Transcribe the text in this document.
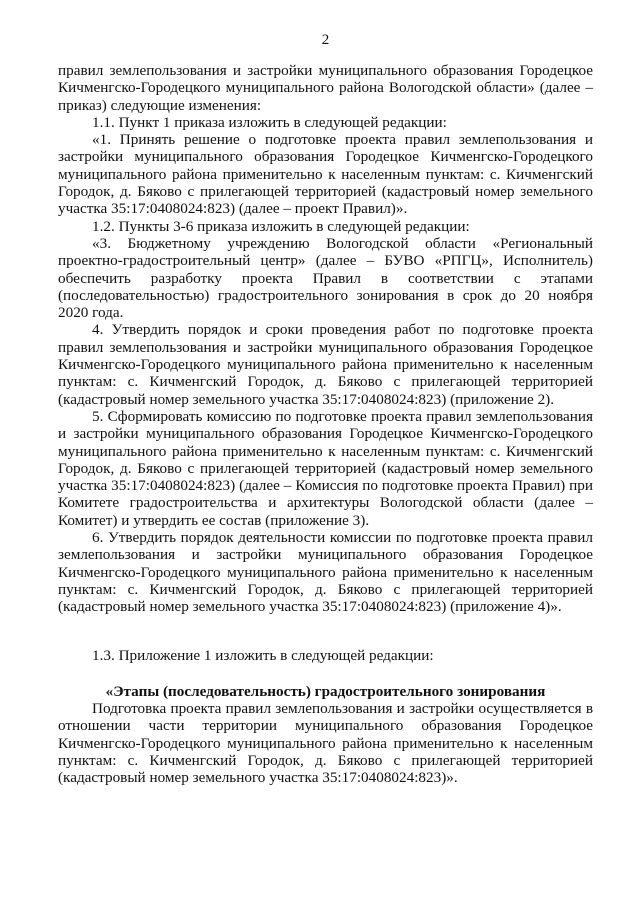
2

правил землепользования и застройки муниципального образования Городецкое Кичменгско-Городецкого муниципального района Вологодской области» (далее – приказ) следующие изменения:

1.1. Пункт 1 приказа изложить в следующей редакции:

«1. Принять решение о подготовке проекта правил землепользования и застройки муниципального образования Городецкое Кичменгско-Городецкого муниципального района применительно к населенным пунктам: с. Кичменгский Городок, д. Бяково с прилегающей территорией (кадастровый номер земельного участка 35:17:0408024:823) (далее – проект Правил)».

1.2. Пункты 3-6 приказа изложить в следующей редакции:

«3. Бюджетному учреждению Вологодской области «Региональный проектно-градостроительный центр» (далее – БУВО «РПГЦ», Исполнитель) обеспечить разработку проекта Правил в соответствии с этапами (последовательностью) градостроительного зонирования в срок до 20 ноября 2020 года.

4. Утвердить порядок и сроки проведения работ по подготовке проекта правил землепользования и застройки муниципального образования Городецкое Кичменгско-Городецкого муниципального района применительно к населенным пунктам: с. Кичменгский Городок, д. Бяково с прилегающей территорией (кадастровый номер земельного участка 35:17:0408024:823) (приложение 2).

5. Сформировать комиссию по подготовке проекта правил землепользования и застройки муниципального образования Городецкое Кичменгско-Городецкого муниципального района применительно к населенным пунктам: с. Кичменгский Городок, д. Бяково с прилегающей территорией (кадастровый номер земельного участка 35:17:0408024:823) (далее – Комиссия по подготовке проекта Правил) при Комитете градостроительства и архитектуры Вологодской области (далее – Комитет) и утвердить ее состав (приложение 3).

6. Утвердить порядок деятельности комиссии по подготовке проекта правил землепользования и застройки муниципального образования Городецкое Кичменгско-Городецкого муниципального района применительно к населенным пунктам: с. Кичменгский Городок, д. Бяково с прилегающей территорией (кадастровый номер земельного участка 35:17:0408024:823) (приложение 4)».

1.3. Приложение 1 изложить в следующей редакции:

«Этапы (последовательность) градостроительного зонирования

Подготовка проекта правил землепользования и застройки осуществляется в отношении части территории муниципального образования Городецкое Кичменгско-Городецкого муниципального района применительно к населенным пунктам: с. Кичменгский Городок, д. Бяково с прилегающей территорией (кадастровый номер земельного участка 35:17:0408024:823)».
